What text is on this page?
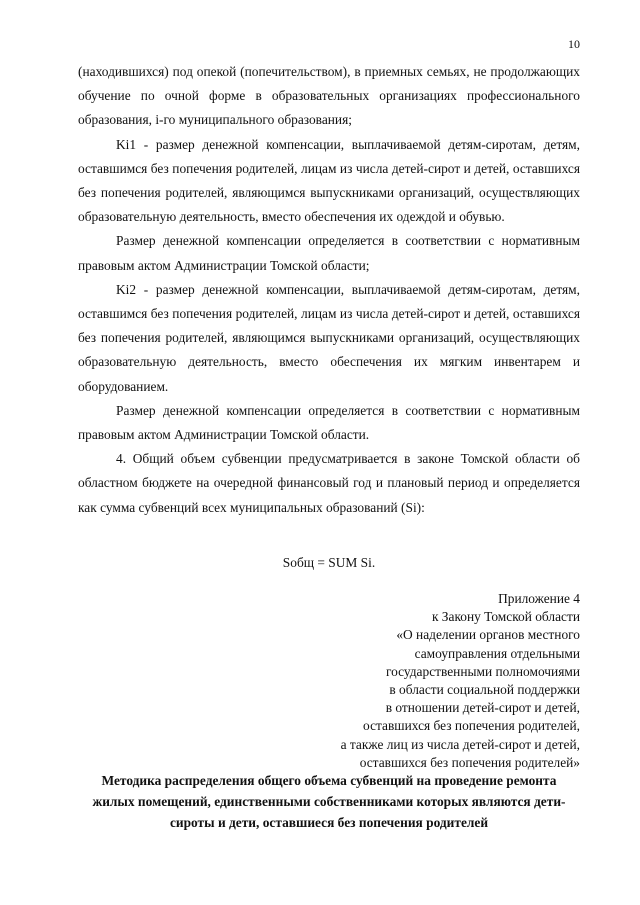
10

(находившихся) под опекой (попечительством), в приемных семьях, не продолжающих обучение по очной форме в образовательных организациях профессионального образования, i-го муниципального образования;

Ki1 - размер денежной компенсации, выплачиваемой детям-сиротам, детям, оставшимся без попечения родителей, лицам из числа детей-сирот и детей, оставшихся без попечения родителей, являющимся выпускниками организаций, осуществляющих образовательную деятельность, вместо обеспечения их одеждой и обувью.

Размер денежной компенсации определяется в соответствии с нормативным правовым актом Администрации Томской области;

Ki2 - размер денежной компенсации, выплачиваемой детям-сиротам, детям, оставшимся без попечения родителей, лицам из числа детей-сирот и детей, оставшихся без попечения родителей, являющимся выпускниками организаций, осуществляющих образовательную деятельность, вместо обеспечения их мягким инвентарем и оборудованием.

Размер денежной компенсации определяется в соответствии с нормативным правовым актом Администрации Томской области.

4. Общий объем субвенции предусматривается в законе Томской области об областном бюджете на очередной финансовый год и плановый период и определяется как сумма субвенций всех муниципальных образований (Si):

Sобщ = SUM Si.
Приложение 4
к Закону Томской области
«О наделении органов местного
самоуправления отдельными
государственными полномочиями
в области социальной поддержки
в отношении детей-сирот и детей,
оставшихся без попечения родителей,
а также лиц из числа детей-сирот и детей,
оставшихся без попечения родителей»
Методика распределения общего объема субвенций на проведение ремонта
жилых помещений, единственными собственниками которых являются дети-
сироты и дети, оставшиеся без попечения родителей
